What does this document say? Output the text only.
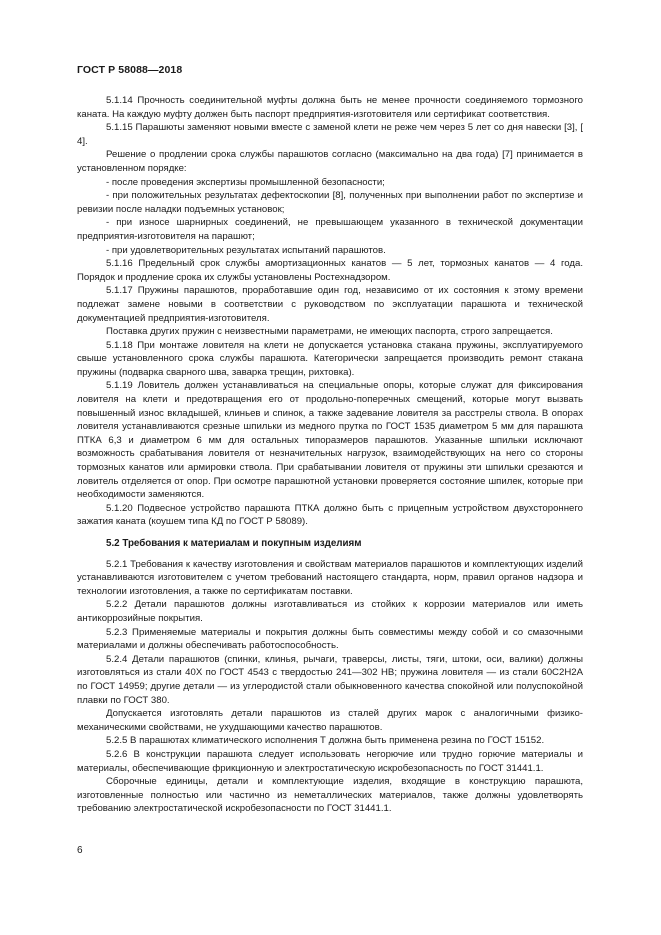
ГОСТ Р 58088—2018

5.1.14 Прочность соединительной муфты должна быть не менее прочности соединяемого тормозного каната. На каждую муфту должен быть паспорт предприятия-изготовителя или сертификат соответствия.

5.1.15 Парашюты заменяют новыми вместе с заменой клети не реже чем через 5 лет со дня навески [3], [ 4].

Решение о продлении срока службы парашютов согласно (максимально на два года) [7] принимается в установленном порядке:

- после проведения экспертизы промышленной безопасности;

- при положительных результатах дефектоскопии [8], полученных при выполнении работ по экспертизе и ревизии после наладки подъемных установок;

- при износе шарнирных соединений, не превышающем указанного в технической документации предприятия-изготовителя на парашют;

- при удовлетворительных результатах испытаний парашютов.

5.1.16 Предельный срок службы амортизационных канатов — 5 лет, тормозных канатов — 4 года. Порядок и продление срока их службы установлены Ростехнадзором.

5.1.17 Пружины парашютов, проработавшие один год, независимо от их состояния к этому времени подлежат замене новыми в соответствии с руководством по эксплуатации парашюта и технической документацией предприятия-изготовителя.

Поставка других пружин с неизвестными параметрами, не имеющих паспорта, строго запрещается.

5.1.18 При монтаже ловителя на клети не допускается установка стакана пружины, эксплуатируемого свыше установленного срока службы парашюта. Категорически запрещается производить ремонт стакана пружины (подварка сварного шва, заварка трещин, рихтовка).

5.1.19 Ловитель должен устанавливаться на специальные опоры, которые служат для фиксирования ловителя на клети и предотвращения его от продольно-поперечных смещений, которые могут вызвать повышенный износ вкладышей, клиньев и спинок, а также задевание ловителя за расстрелы ствола. В опорах ловителя устанавливаются срезные шпильки из медного прутка по ГОСТ 1535 диаметром 5 мм для парашюта ПТКА 6,3 и диаметром 6 мм для остальных типоразмеров парашютов. Указанные шпильки исключают возможность срабатывания ловителя от незначительных нагрузок, взаимодействующих на него со стороны тормозных канатов или армировки ствола. При срабатывании ловителя от пружины эти шпильки срезаются и ловитель отделяется от опор. При осмотре парашютной установки проверяется состояние шпилек, которые при необходимости заменяются.

5.1.20 Подвесное устройство парашюта ПТКА должно быть с прицепным устройством двухстороннего зажатия каната (коушем типа КД по ГОСТ Р 58089).

5.2 Требования к материалам и покупным изделиям

5.2.1 Требования к качеству изготовления и свойствам материалов парашютов и комплектующих изделий устанавливаются изготовителем с учетом требований настоящего стандарта, норм, правил органов надзора и технологии изготовления, а также по сертификатам поставки.

5.2.2 Детали парашютов должны изготавливаться из стойких к коррозии материалов или иметь антикоррозийные покрытия.

5.2.3 Применяемые материалы и покрытия должны быть совместимы между собой и со смазочными материалами и должны обеспечивать работоспособность.

5.2.4 Детали парашютов (спинки, клинья, рычаги, траверсы, листы, тяги, штоки, оси, валики) должны изготовляться из стали 40Х по ГОСТ 4543 с твердостью 241—302 НВ; пружина ловителя — из стали 60С2Н2А по ГОСТ 14959; другие детали — из углеродистой стали обыкновенного качества спокойной или полуспокойной плавки по ГОСТ 380.

Допускается изготовлять детали парашютов из сталей других марок с аналогичными физико-механическими свойствами, не ухудшающими качество парашютов.

5.2.5 В парашютах климатического исполнения Т должна быть применена резина по ГОСТ 15152.

5.2.6 В конструкции парашюта следует использовать негорючие или трудно горючие материалы и материалы, обеспечивающие фрикционную и электростатическую искробезопасность по ГОСТ 31441.1.

Сборочные единицы, детали и комплектующие изделия, входящие в конструкцию парашюта, изготовленные полностью или частично из неметаллических материалов, также должны удовлетворять требованию электростатической искробезопасности по ГОСТ 31441.1.

6
